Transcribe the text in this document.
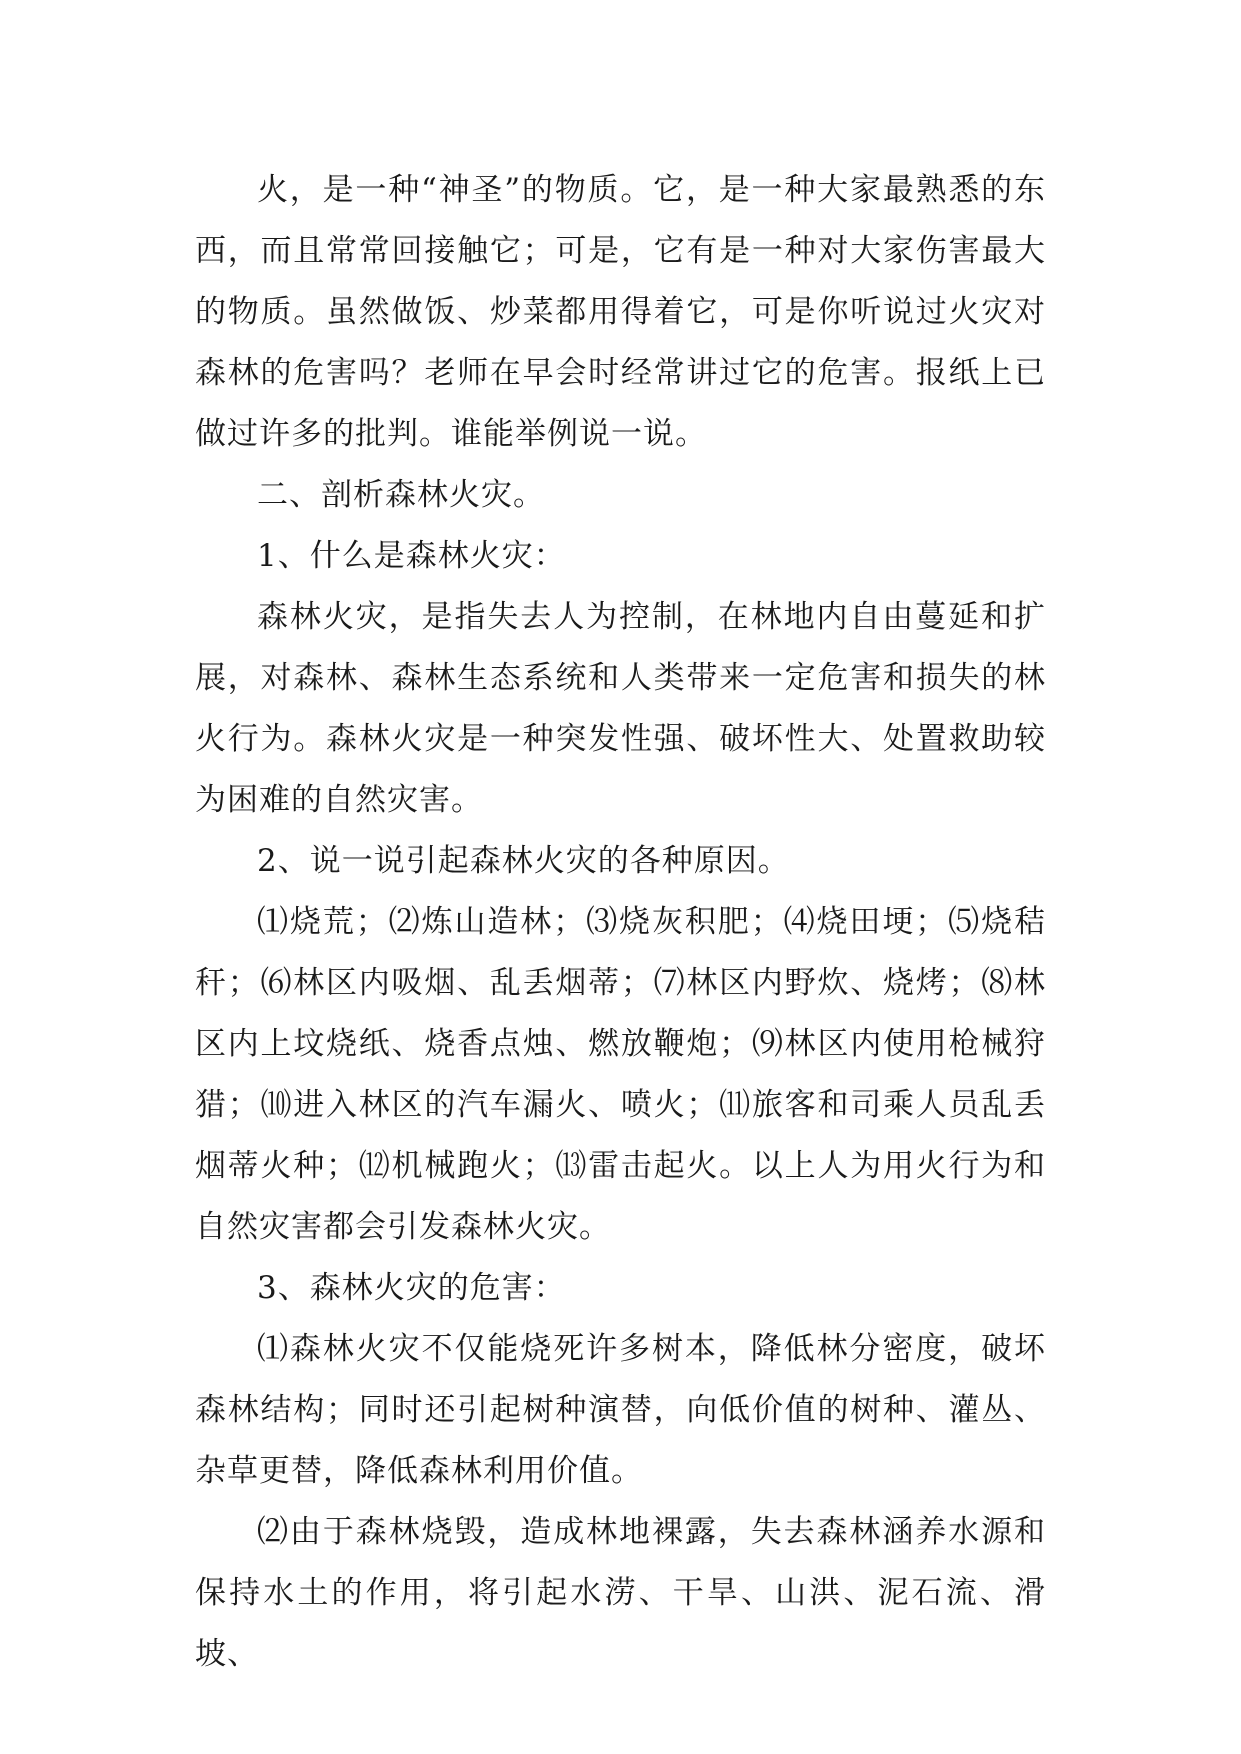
火，是一种“神圣”的物质。它，是一种大家最熟悉的东西，而且常常回接触它；可是，它有是一种对大家伤害最大的物质。虽然做饭、炒菜都用得着它，可是你听说过火灾对森林的危害吗？老师在早会时经常讲过它的危害。报纸上已做过许多的批判。谁能举例说一说。

二、剖析森林火灾。

1、什么是森林火灾：

森林火灾，是指失去人为控制，在林地内自由蔓延和扩展，对森林、森林生态系统和人类带来一定危害和损失的林火行为。森林火灾是一种突发性强、破坏性大、处置救助较为困难的自然灾害。

2、说一说引起森林火灾的各种原因。

⑴烧荒；⑵炼山造林；⑶烧灰积肥；⑷烧田埂；⑸烧秸秆；⑹林区内吸烟、乱丢烟蒂；⑺林区内野炊、烧烤；⑻林区内上坟烧纸、烧香点烛、燃放鞭炮；⑼林区内使用枪械狩猎；⑽进入林区的汽车漏火、喷火；⑾旅客和司乘人员乱丢烟蒂火种；⑿机械跑火；⒀雷击起火。以上人为用火行为和自然灾害都会引发森林火灾。

3、森林火灾的危害：

⑴森林火灾不仅能烧死许多树本，降低林分密度，破坏森林结构；同时还引起树种演替，向低价值的树种、灌丛、杂草更替，降低森林利用价值。

⑵由于森林烧毁，造成林地裸露，失去森林涵养水源和保持水土的作用，将引起水涝、干旱、山洪、泥石流、滑坡、
